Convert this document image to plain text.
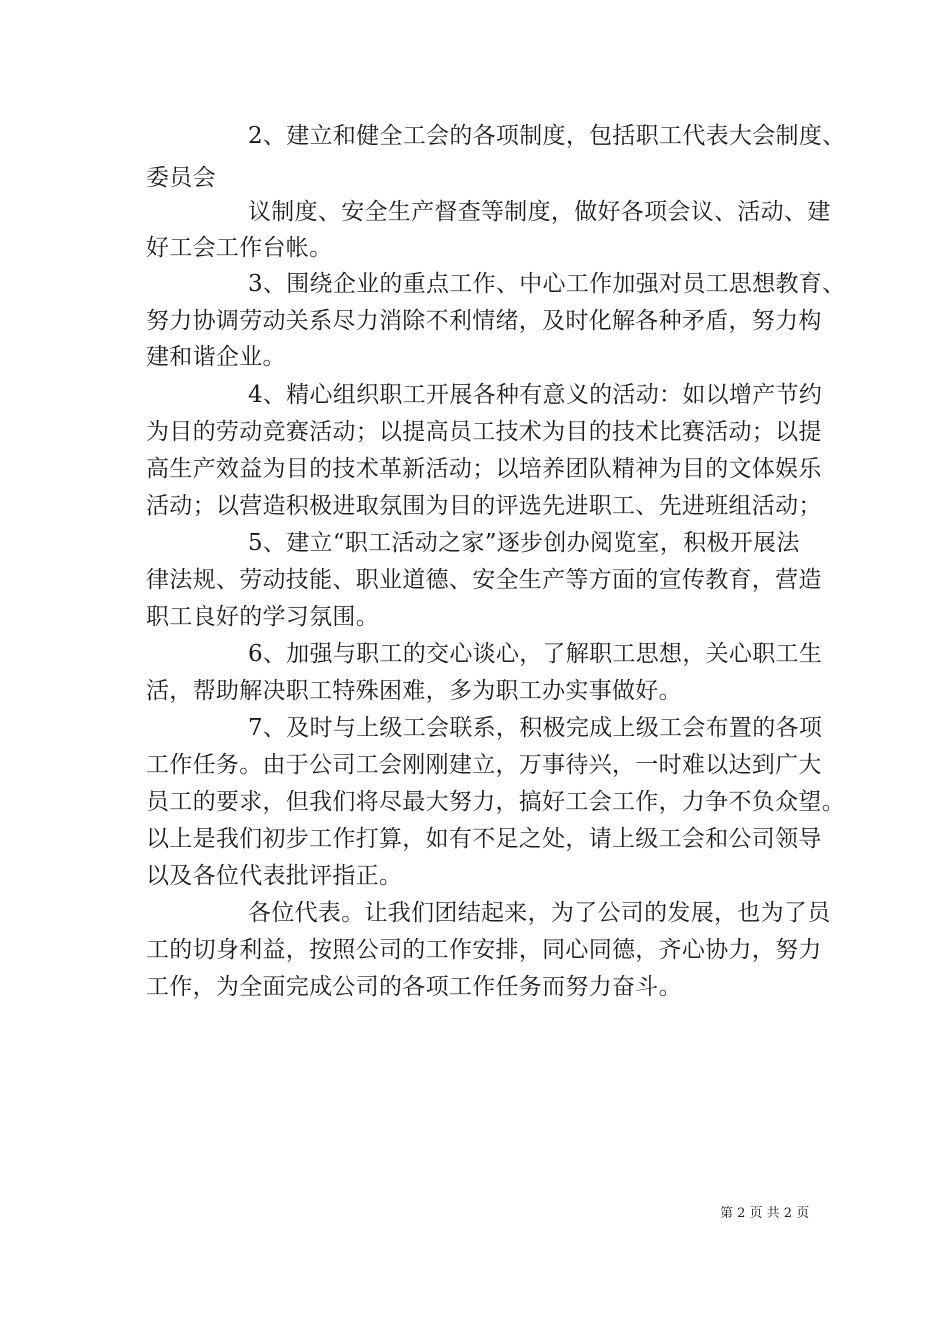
2、建立和健全工会的各项制度，包括职工代表大会制度、
委员会
议制度、安全生产督查等制度，做好各项会议、活动、建
好工会工作台帐。
3、围绕企业的重点工作、中心工作加强对员工思想教育、
努力协调劳动关系尽力消除不利情绪，及时化解各种矛盾，努力构
建和谐企业。
4、精心组织职工开展各种有意义的活动：如以增产节约
为目的劳动竞赛活动；以提高员工技术为目的技术比赛活动；以提
高生产效益为目的技术革新活动；以培养团队精神为目的文体娱乐
活动；以营造积极进取氛围为目的评选先进职工、先进班组活动；
5、建立“职工活动之家”逐步创办阅览室，积极开展法
律法规、劳动技能、职业道德、安全生产等方面的宣传教育，营造
职工良好的学习氛围。
6、加强与职工的交心谈心，了解职工思想，关心职工生
活，帮助解决职工特殊困难，多为职工办实事做好。
7、及时与上级工会联系，积极完成上级工会布置的各项
工作任务。由于公司工会刚刚建立，万事待兴，一时难以达到广大
员工的要求，但我们将尽最大努力，搞好工会工作，力争不负众望。
以上是我们初步工作打算，如有不足之处，请上级工会和公司领导
以及各位代表批评指正。
各位代表。让我们团结起来，为了公司的发展，也为了员
工的切身利益，按照公司的工作安排，同心同德，齐心协力，努力
工作，为全面完成公司的各项工作任务而努力奋斗。
第 2 页 共 2 页
